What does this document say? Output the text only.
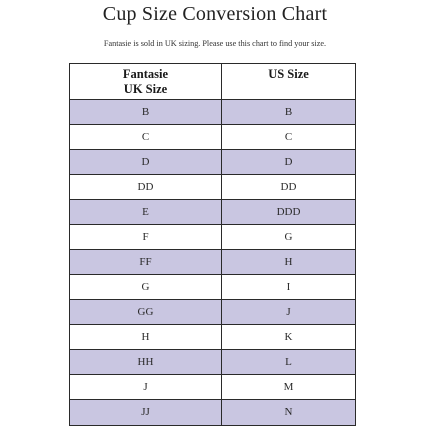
Cup Size Conversion Chart
Fantasie is sold in UK sizing. Please use this chart to find your size.
Fantasie
UK Size
US Size
B	B
C	C
D	D
DD	DD
E	DDD
F	G
FF	H
G	I
GG	J
H	K
HH	L
J	M
JJ	N
